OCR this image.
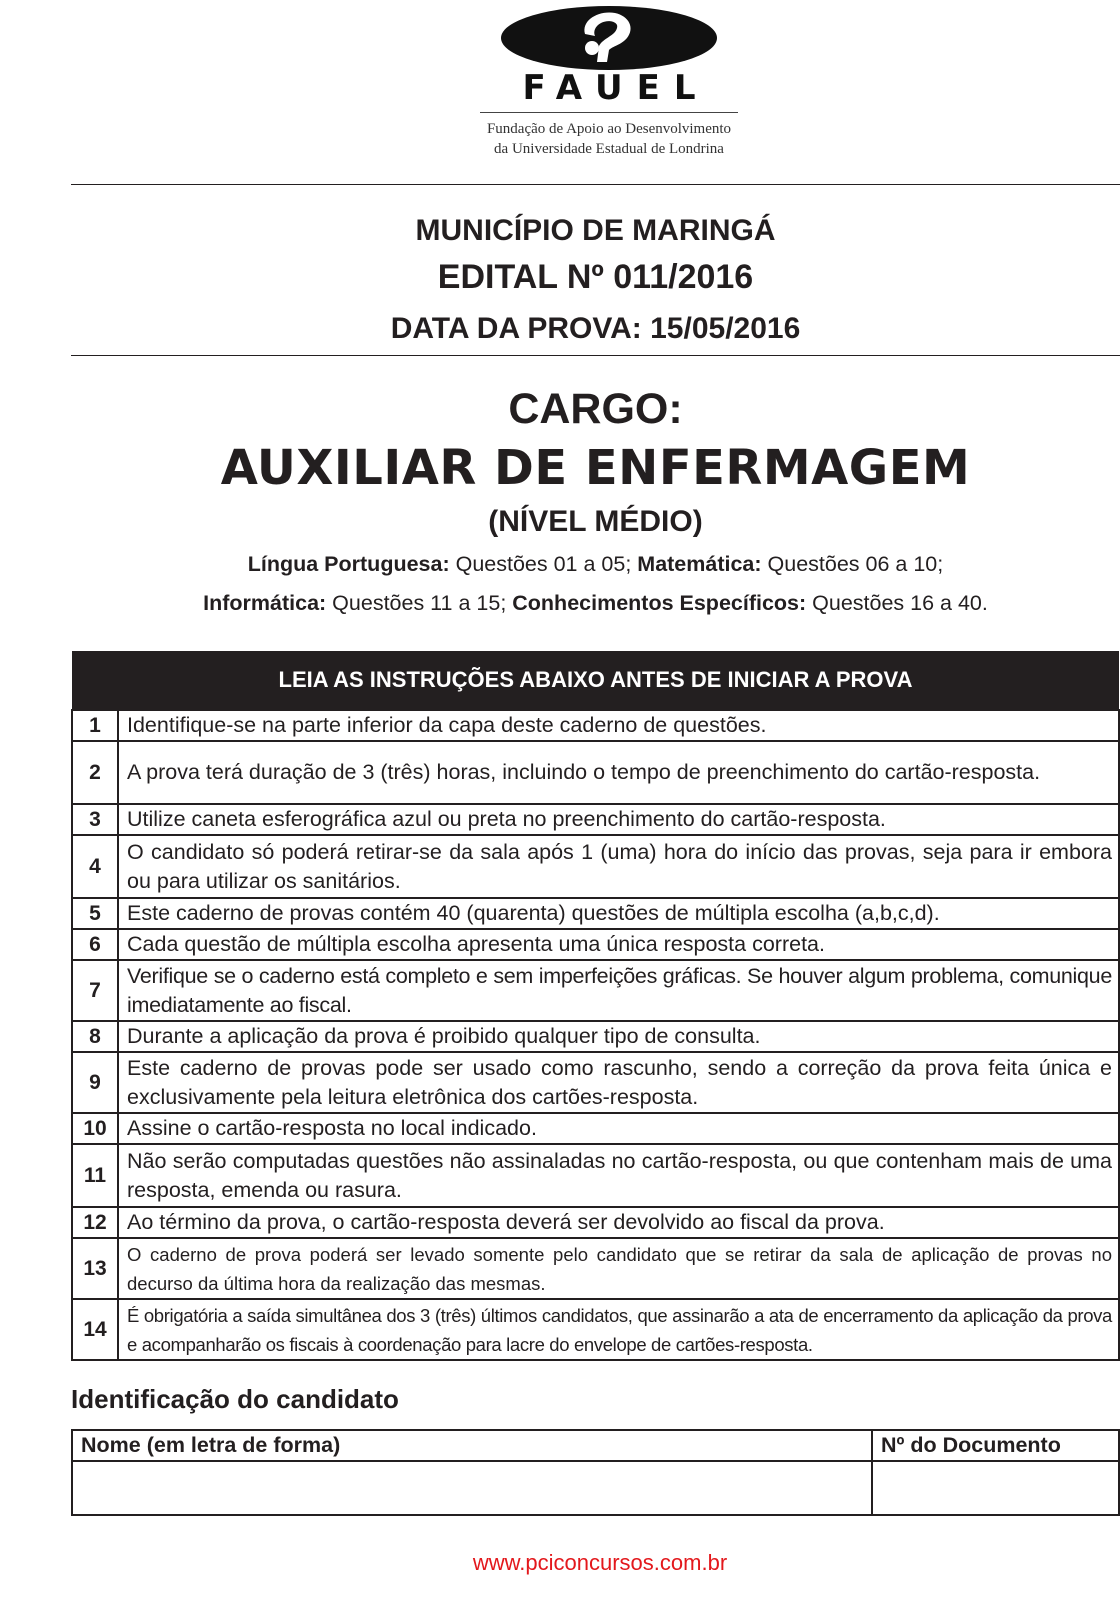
FAUEL
Fundação de Apoio ao Desenvolvimento
da Universidade Estadual de Londrina
MUNICÍPIO DE MARINGÁ
EDITAL Nº 011/2016
DATA DA PROVA: 15/05/2016
CARGO:
AUXILIAR DE ENFERMAGEM
(NÍVEL MÉDIO)
Língua Portuguesa: Questões 01 a 05; Matemática: Questões 06 a 10;
Informática: Questões 11 a 15; Conhecimentos Específicos: Questões 16 a 40.
LEIA AS INSTRUÇÕES ABAIXO ANTES DE INICIAR A PROVA	
1	Identifique-se na parte inferior da capa deste caderno de questões.
2	A prova terá duração de 3 (três) horas, incluindo o tempo de preenchimento do cartão-resposta.
3	Utilize caneta esferográfica azul ou preta no preenchimento do cartão-resposta.
4	O candidato só poderá retirar-se da sala após 1 (uma) hora do início das provas, seja para ir embora ou para utilizar os sanitários.
5	Este caderno de provas contém 40 (quarenta) questões de múltipla escolha (a,b,c,d).
6	Cada questão de múltipla escolha apresenta uma única resposta correta.
7	Verifique se o caderno está completo e sem imperfeições gráficas. Se houver algum problema, comunique imediatamente ao fiscal.
8	Durante a aplicação da prova é proibido qualquer tipo de consulta.
9	Este caderno de provas pode ser usado como rascunho, sendo a correção da prova feita única e exclusivamente pela leitura eletrônica dos cartões-resposta.
10	Assine o cartão-resposta no local indicado.
11	Não serão computadas questões não assinaladas no cartão-resposta, ou que contenham mais de uma resposta, emenda ou rasura.
12	Ao término da prova, o cartão-resposta deverá ser devolvido ao fiscal da prova.
13	O caderno de prova poderá ser levado somente pelo candidato que se retirar da sala de aplicação de provas no decurso da última hora da realização das mesmas.
14	É obrigatória a saída simultânea dos 3 (três) últimos candidatos, que assinarão a ata de encerramento da aplicação da prova e acompanharão os fiscais à coordenação para lacre do envelope de cartões-resposta.
Identificação do candidato
Nome (em letra de forma)	Nº do Documento

www.pciconcursos.com.br
